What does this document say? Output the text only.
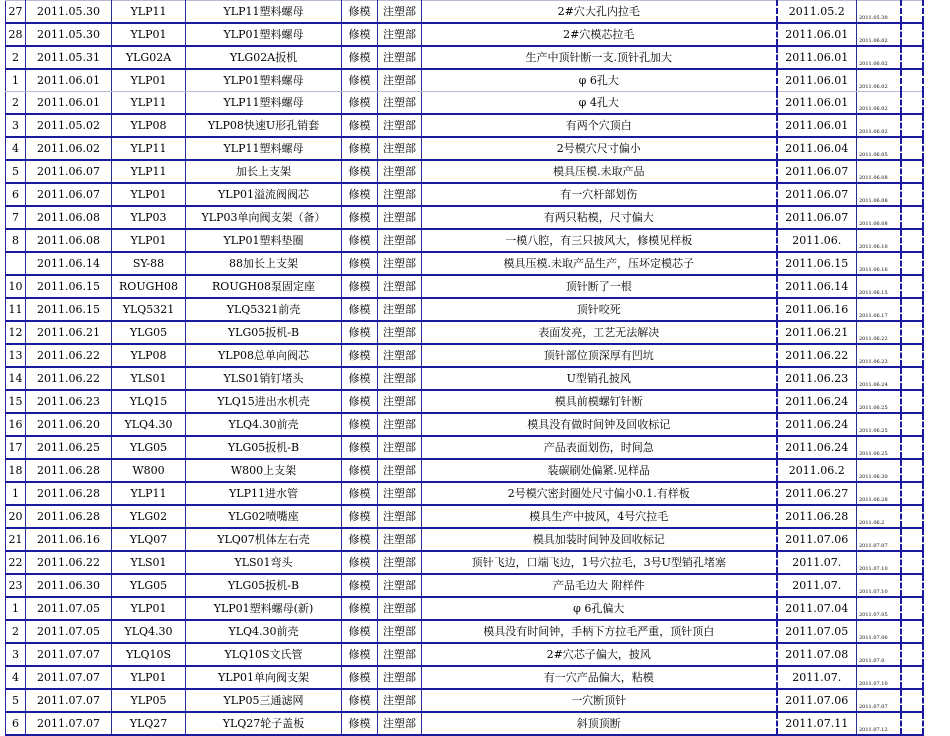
27	2011.05.30	YLP11	YLP11塑料螺母	修模	注塑部	2#穴大孔内拉毛	2011.05.2	2011.05.30	
28	2011.05.30	YLP01	YLP01塑料螺母	修模	注塑部	2#穴模芯拉毛	2011.06.01	2011.06.02	
2	2011.05.31	YLG02A	YLG02A扳机	修模	注塑部	生产中顶针断一支.顶针孔加大	2011.06.01	2011.06.02	
1	2011.06.01	YLP01	YLP01塑料螺母	修模	注塑部	φ 6孔大	2011.06.01	2011.06.02	
2	2011.06.01	YLP11	YLP11塑料螺母	修模	注塑部	φ 4孔大	2011.06.01	2011.06.02	
3	2011.05.02	YLP08	YLP08快速U形孔销套	修模	注塑部	有两个穴顶白	2011.06.01	2011.06.02	
4	2011.06.02	YLP11	YLP11塑料螺母	修模	注塑部	2号模穴尺寸偏小	2011.06.04	2011.06.05	
5	2011.06.07	YLP11	加长上支架	修模	注塑部	模具压模.未取产品	2011.06.07	2011.06.08	
6	2011.06.07	YLP01	YLP01溢流阀阀芯	修模	注塑部	有一穴杆部划伤	2011.06.07	2011.06.08	
7	2011.06.08	YLP03	YLP03单向阀支架（备）	修模	注塑部	有两只粘模，尺寸偏大	2011.06.07	2011.06.08	
8	2011.06.08	YLP01	YLP01塑料垫圈	修模	注塑部	一模八腔，有三只披风大，修模见样板	2011.06.	2011.06.10	
	2011.06.14	SY-88	88加长上支架	修模	注塑部	模具压模.未取产品生产，压坏定模芯子	2011.06.15	2011.06.16	
10	2011.06.15	ROUGH08	ROUGH08泵固定座	修模	注塑部	顶针断了一根	2011.06.14	2011.06.15	
11	2011.06.15	YLQ5321	YLQ5321前壳	修模	注塑部	顶针咬死	2011.06.16	2011.06.17	
12	2011.06.21	YLG05	YLG05扳机-B	修模	注塑部	表面发亮，工艺无法解决	2011.06.21	2011.06.22	
13	2011.06.22	YLP08	YLP08总单向阀芯	修模	注塑部	顶针部位顶深厚有凹坑	2011.06.22	2011.06.23	
14	2011.06.22	YLS01	YLS01销钉堵头	修模	注塑部	U型销孔披风	2011.06.23	2011.06.24	
15	2011.06.23	YLQ15	YLQ15进出水机壳	修模	注塑部	模具前模螺钉针断	2011.06.24	2011.06.25	
16	2011.06.20	YLQ4.30	YLQ4.30前壳	修模	注塑部	模具没有做时间钟及回收标记	2011.06.24	2011.06.25	
17	2011.06.25	YLG05	YLG05扳机-B	修模	注塑部	产品表面划伤，时间急	2011.06.24	2011.06.25	
18	2011.06.28	W800	W800上支架	修模	注塑部	装碳刷处偏紧.见样品	2011.06.2	2011.06.30	
1	2011.06.28	YLP11	YLP11进水管	修模	注塑部	2号模穴密封圈处尺寸偏小0.1.有样板	2011.06.27	2011.06.28	
20	2011.06.28	YLG02	YLG02喷嘴座	修模	注塑部	模具生产中披风，4号穴拉毛	2011.06.28	2011.06.2	
21	2011.06.16	YLQ07	YLQ07机体左右壳	修模	注塑部	模具加装时间钟及回收标记	2011.07.06	2011.07.07	
22	2011.06.22	YLS01	YLS01弯头	修模	注塑部	顶针飞边，口端飞边，1号穴拉毛，3号U型销孔堵塞	2011.07.	2011.07.10	
23	2011.06.30	YLG05	YLG05扳机-B	修模	注塑部	产品毛边大 附样件	2011.07.	2011.07.10	
1	2011.07.05	YLP01	YLP01塑料螺母(新)	修模	注塑部	φ 6孔偏大	2011.07.04	2011.07.05	
2	2011.07.05	YLQ4.30	YLQ4.30前壳	修模	注塑部	模具没有时间钟，手柄下方拉毛严重，顶针顶白	2011.07.05	2011.07.06	
3	2011.07.07	YLQ10S	YLQ10S文氏管	修模	注塑部	2#穴芯子偏大，披风	2011.07.08	2011.07.0	
4	2011.07.07	YLP01	YLP01单向阀支架	修模	注塑部	有一穴产品偏大，粘模	2011.07.	2011.07.10	
5	2011.07.07	YLP05	YLP05三通滤网	修模	注塑部	一穴断顶针	2011.07.06	2011.07.07	
6	2011.07.07	YLQ27	YLQ27轮子盖板	修模	注塑部	斜顶顶断	2011.07.11	2011.07.12	
